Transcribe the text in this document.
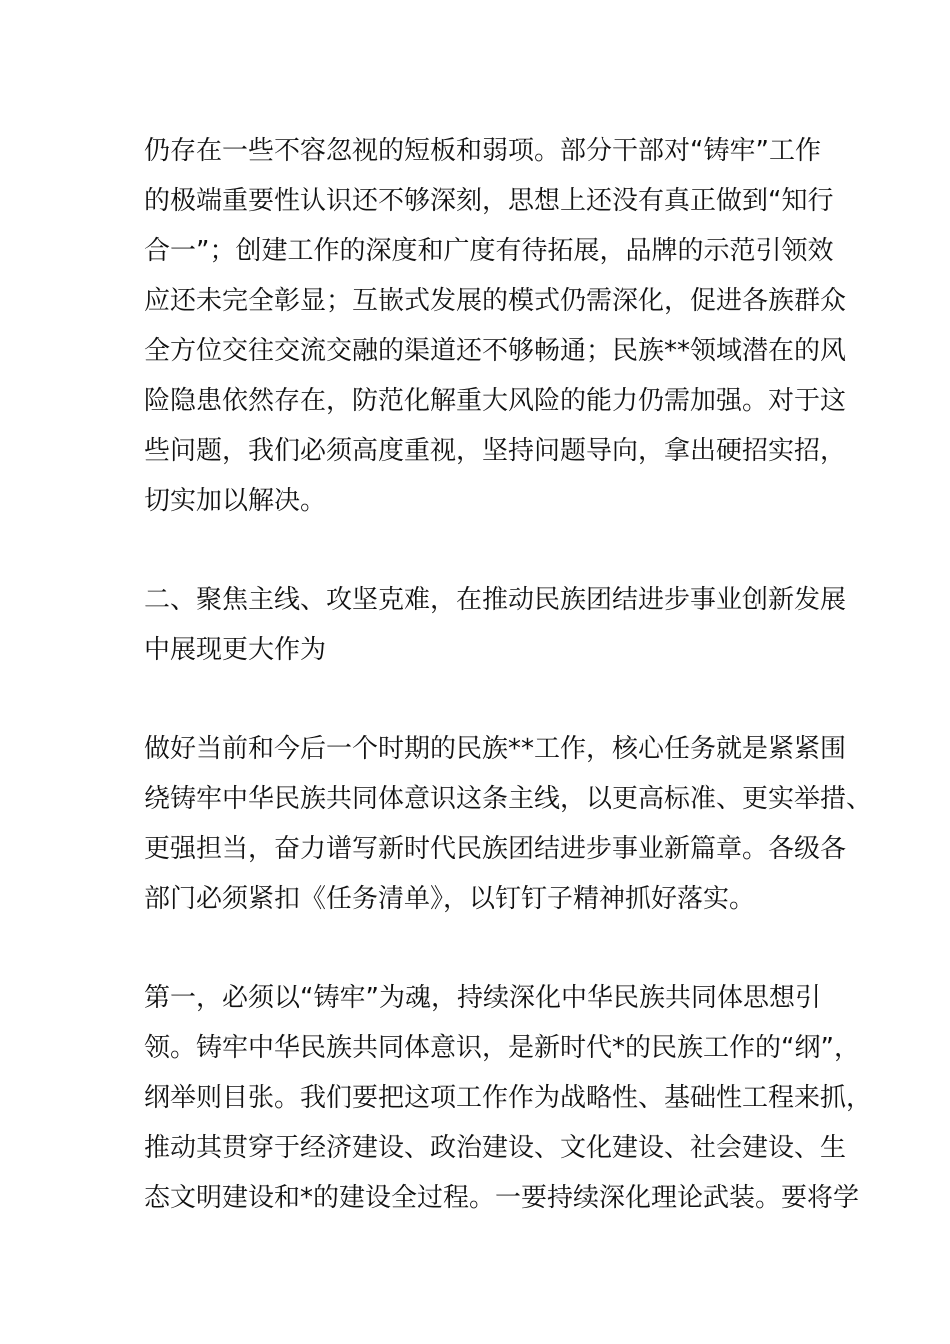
仍存在一些不容忽视的短板和弱项。部分干部对“铸牢”工作
的极端重要性认识还不够深刻，思想上还没有真正做到“知行
合一”；创建工作的深度和广度有待拓展，品牌的示范引领效
应还未完全彰显；互嵌式发展的模式仍需深化，促进各族群众
全方位交往交流交融的渠道还不够畅通；民族**领域潜在的风
险隐患依然存在，防范化解重大风险的能力仍需加强。对于这
些问题，我们必须高度重视，坚持问题导向，拿出硬招实招，
切实加以解决。
二、聚焦主线、攻坚克难，在推动民族团结进步事业创新发展
中展现更大作为
做好当前和今后一个时期的民族**工作，核心任务就是紧紧围
绕铸牢中华民族共同体意识这条主线，以更高标准、更实举措、
更强担当，奋力谱写新时代民族团结进步事业新篇章。各级各
部门必须紧扣《任务清单》，以钉钉子精神抓好落实。
第一，必须以“铸牢”为魂，持续深化中华民族共同体思想引
领。铸牢中华民族共同体意识，是新时代*的民族工作的“纲”，
纲举则目张。我们要把这项工作作为战略性、基础性工程来抓，
推动其贯穿于经济建设、政治建设、文化建设、社会建设、生
态文明建设和*的建设全过程。一要持续深化理论武装。要将学
